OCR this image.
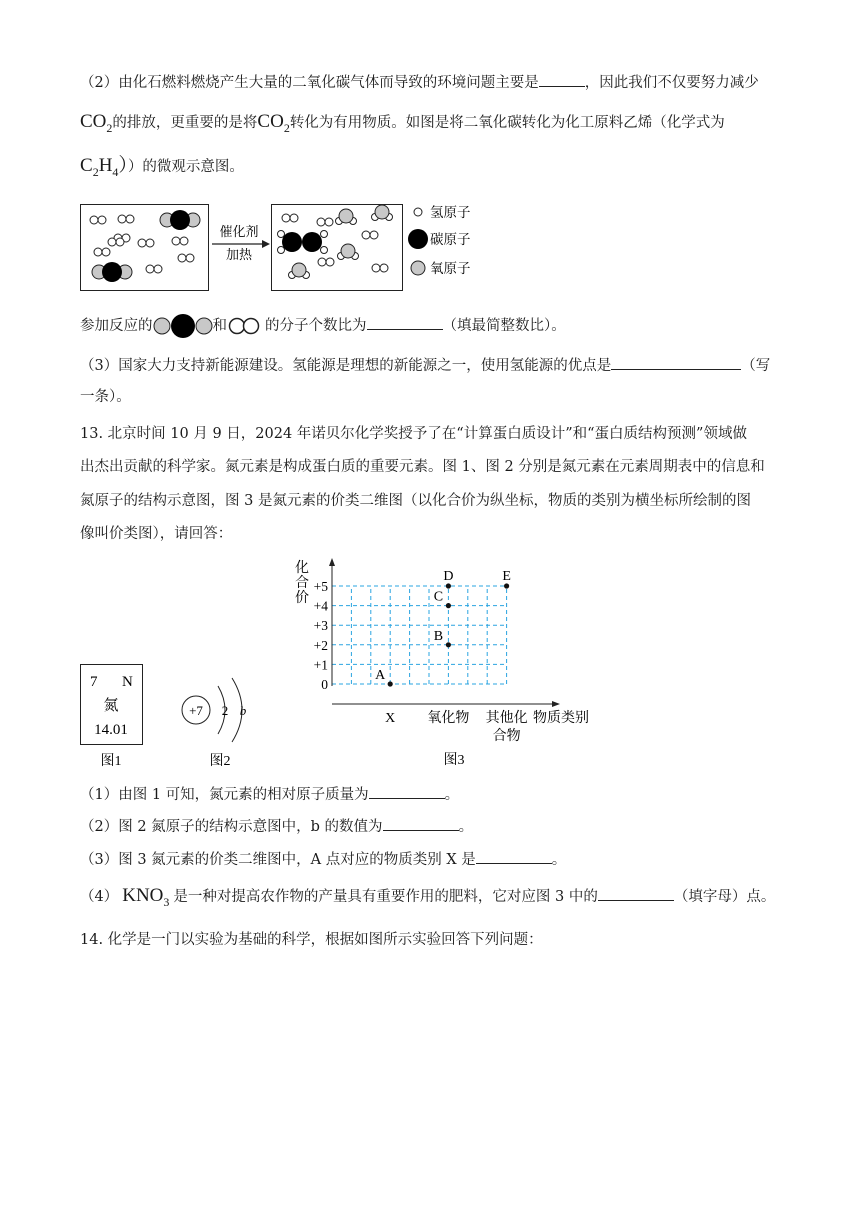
（2）由化石燃料燃烧产生大量的二氧化碳气体而导致的环境问题主要是	，因此我们不仅要努力减少
$CO_2$的排放，更重要的是将$CO_2$转化为有用物质。如图是将二氧化碳转化为化工原料乙烯（化学式为
$C_2H_4$））的微观示意图。
催化剂
加热
氢原子
碳原子
氧原子
参加反应的	和	的分子个数比为	（填最简整数比）。
（3）国家大力支持新能源建设。氢能源是理想的新能源之一，使用氢能源的优点是	（写
一条）。
13. 北京时间 10 月 9 日，2024 年诺贝尔化学奖授予了在“计算蛋白质设计”和“蛋白质结构预测”领域做
出杰出贡献的科学家。氮元素是构成蛋白质的重要元素。图 1、图 2 分别是氮元素在元素周期表中的信息和
氮原子的结构示意图，图 3 是氮元素的价类二维图（以化合价为纵坐标，物质的类别为横坐标所绘制的图
像叫价类图），请回答：
7 N
氮
14.01
图1
+7 2 b
图2
0
+1
+2
+3
+4
+5
X 氧化物 其他化
合物
A
B
C
D	E
化
合
价
物质类别
图3
（1）由图 1 可知，氮元素的相对原子质量为	。
（2）图 2 氮原子的结构示意图中，b 的数值为	。
（3）图 3 氮元素的价类二维图中，A 点对应的物质类别 X 是	。
（4） $KNO_3$ 是一种对提高农作物的产量具有重要作用的肥料，它对应图 3 中的	（填字母）点。
14. 化学是一门以实验为基础的科学，根据如图所示实验回答下列问题：
